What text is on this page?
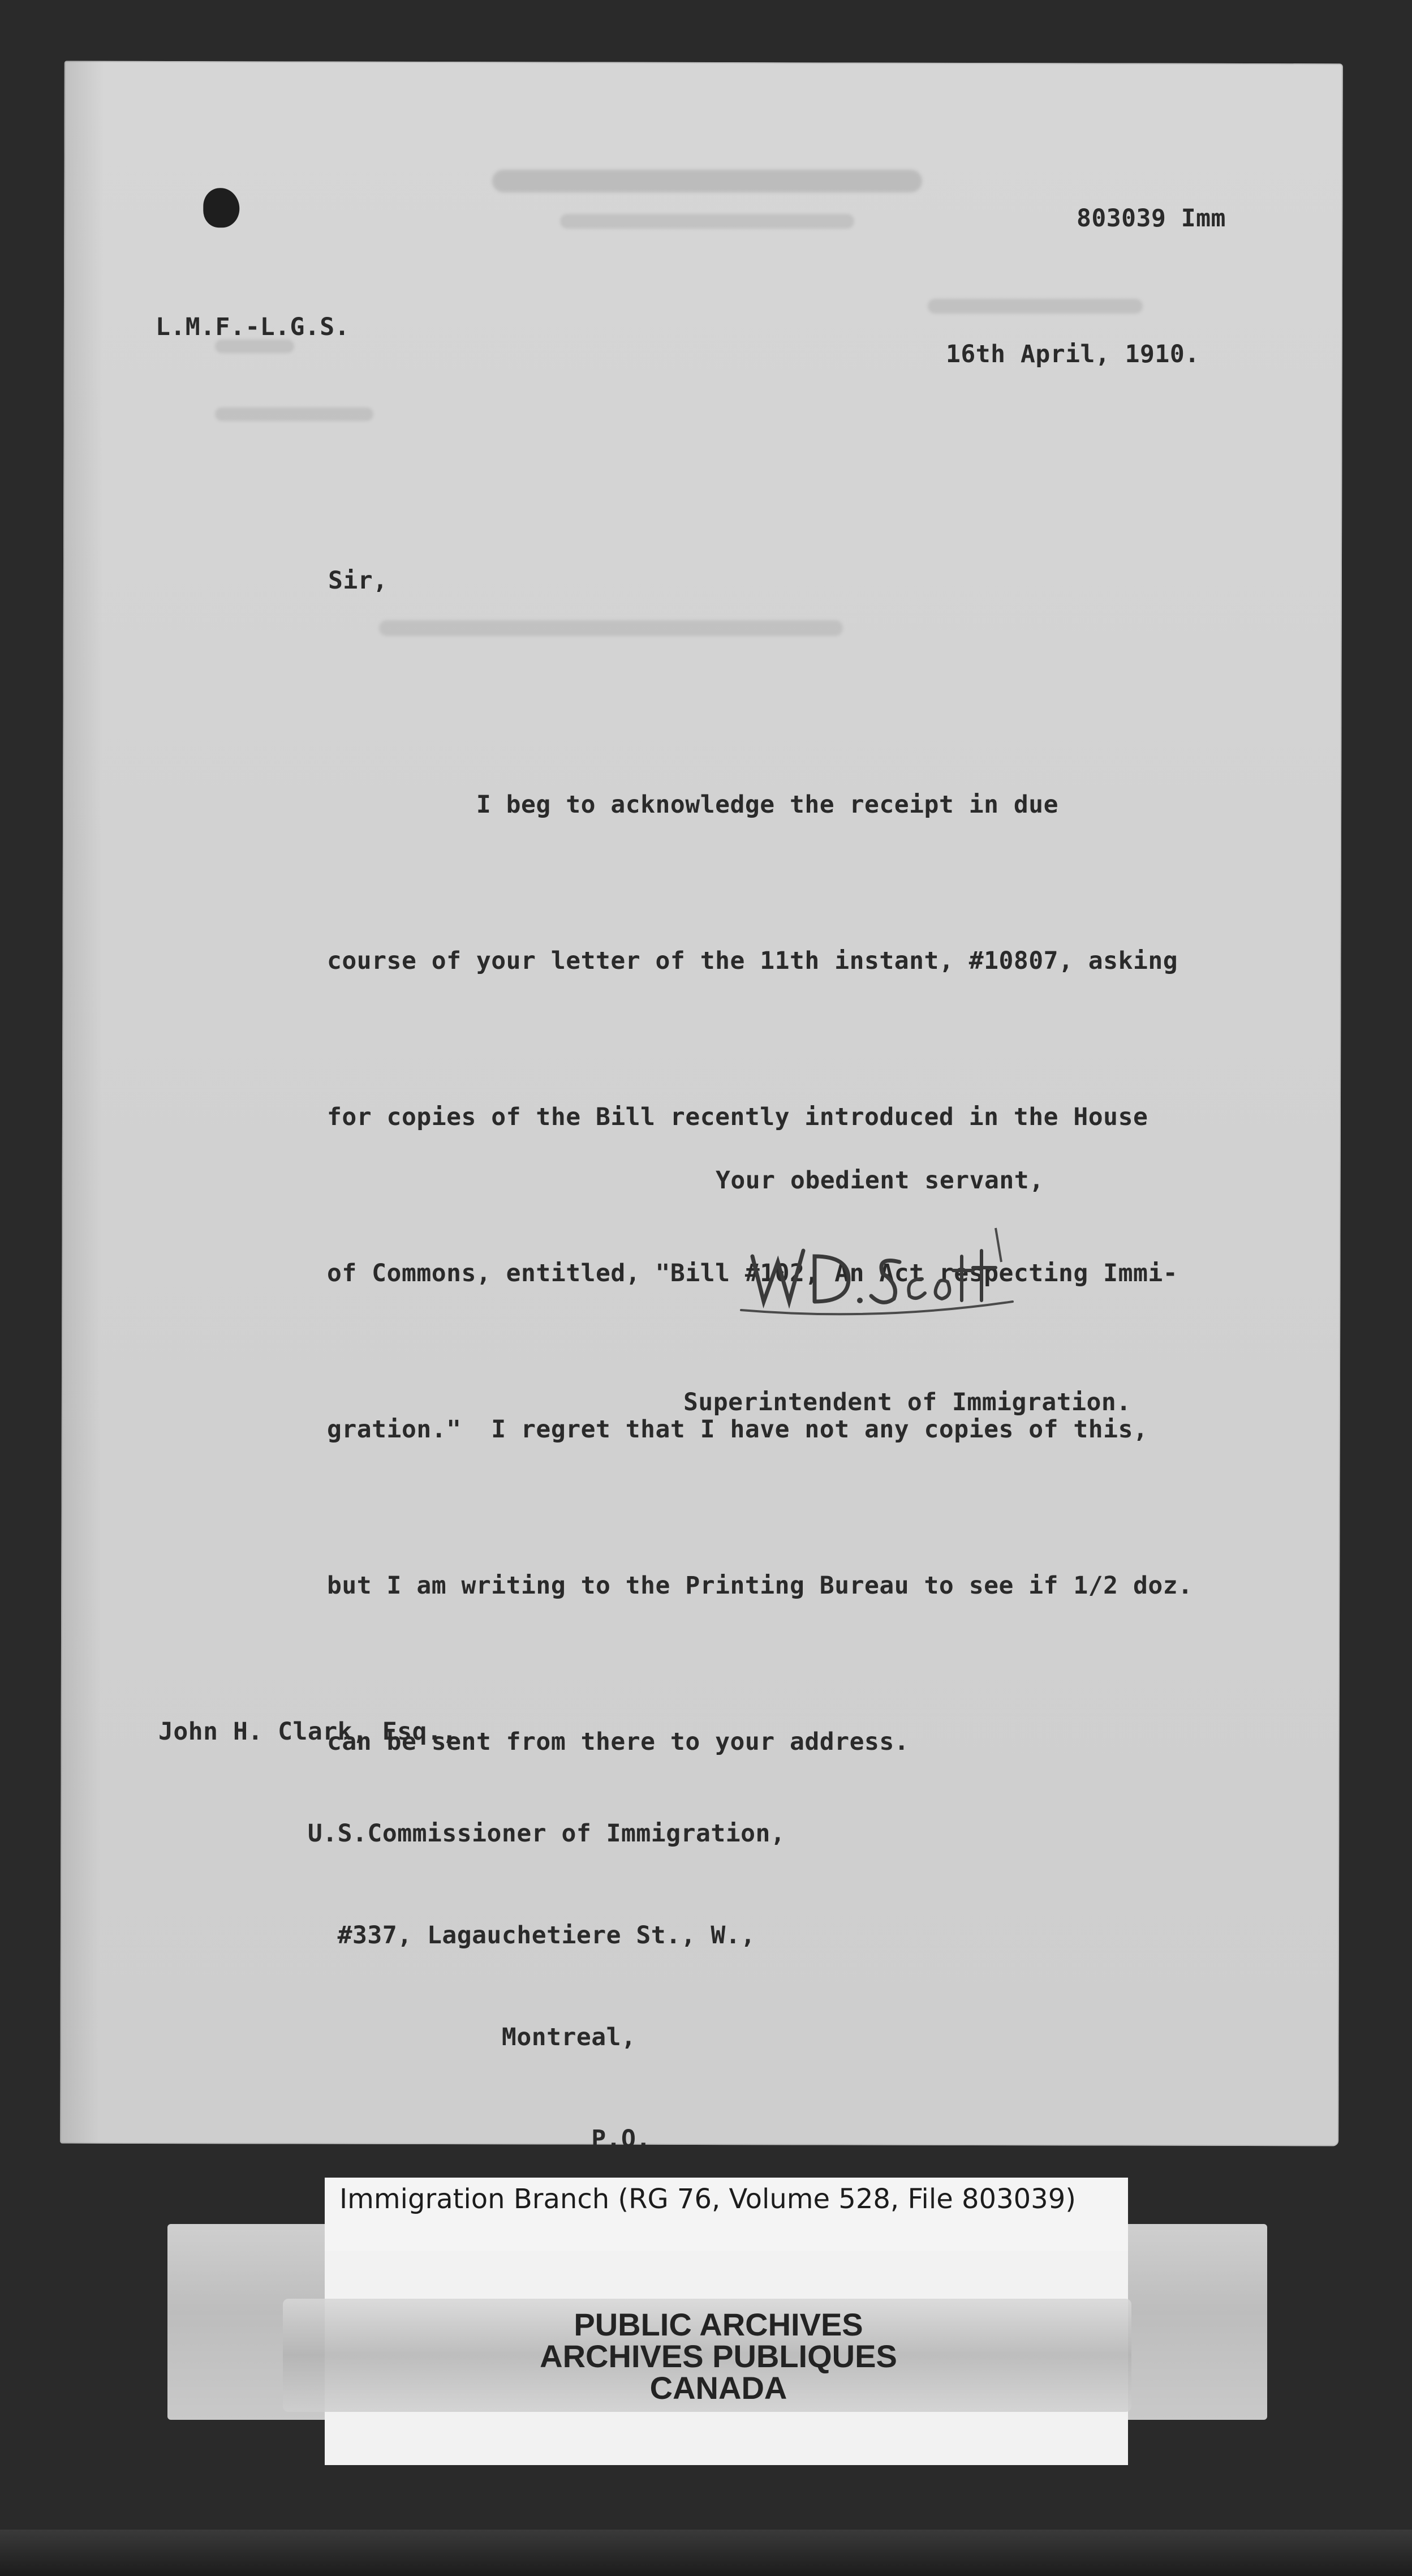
803039 Imm
L.M.F.-L.G.S.
16th April, 1910.
Sir,

I beg to acknowledge the receipt in due

course of your letter of the 11th instant, #10807, asking

for copies of the Bill recently introduced in the House

of Commons, entitled, "Bill #102, An Act respecting Immi-

gration."  I regret that I have not any copies of this,

but I am writing to the Printing Bureau to see if 1/2 doz.

can be sent from there to your address.

Your obedient servant,
Superintendent of Immigration.

John H. Clark, Esq.,

U.S.Commissioner of Immigration,

#337, Lagauchetiere St., W.,

Montreal,

P.Q.

Immigration Branch (RG 76, Volume 528, File 803039)
PUBLIC ARCHIVES
ARCHIVES PUBLIQUES
CANADA
